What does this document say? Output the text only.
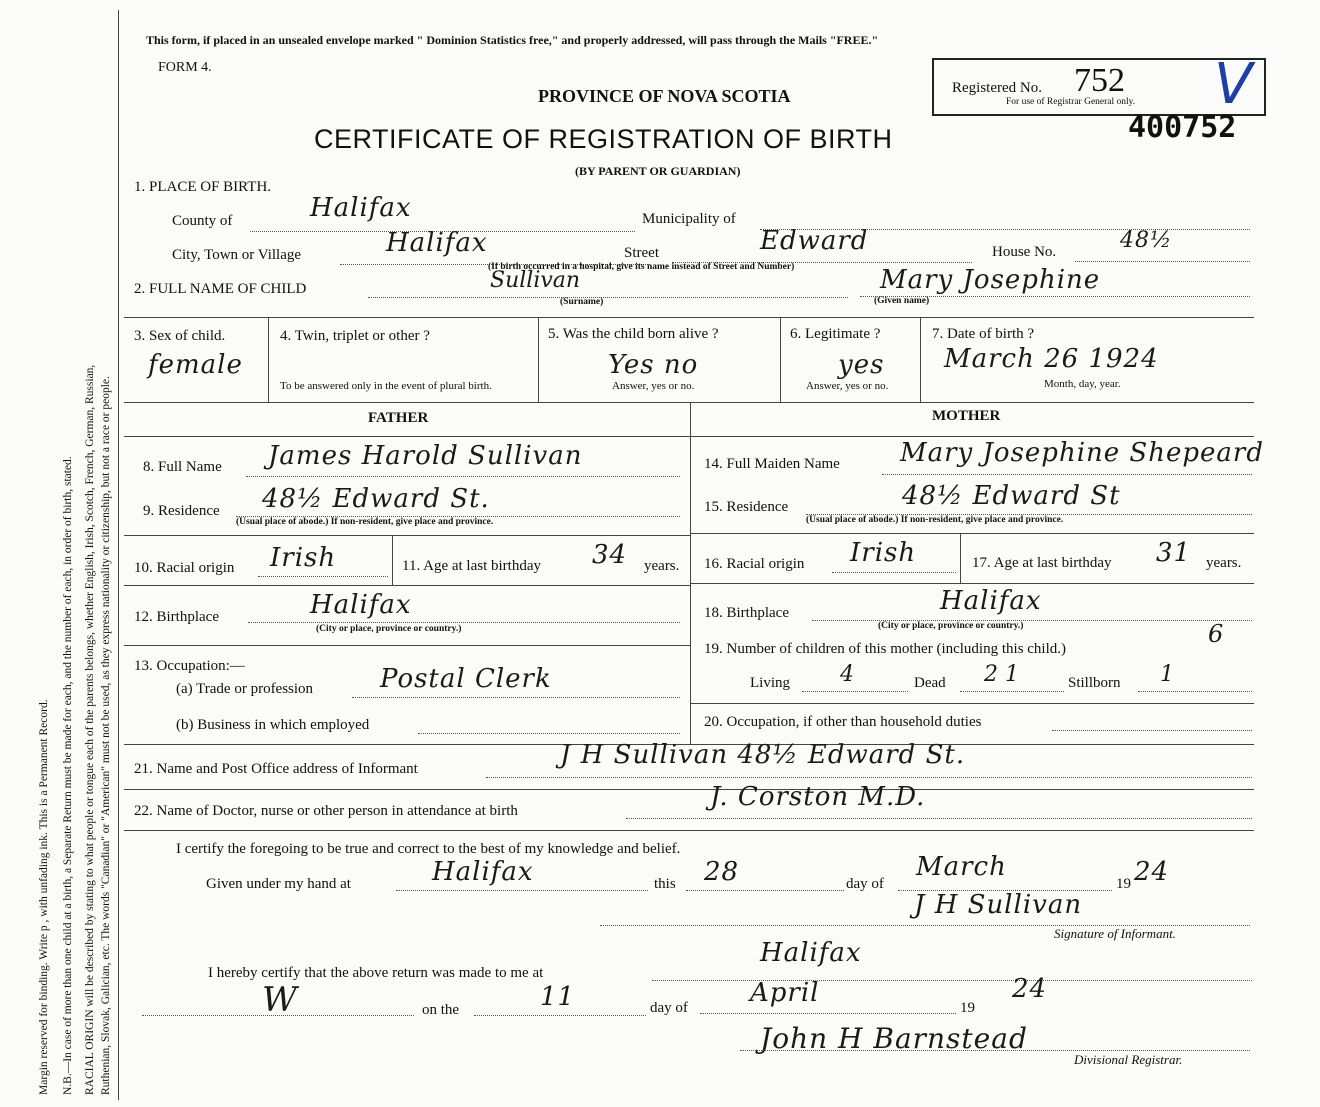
Margin reserved for binding. Write p , with unfading ink. This is a Permanent Record. N.B.—In case of more than one child at a birth, a Separate Return must be made for each, and the number of each, in order of birth, stated. RACIAL ORIGIN will be described by stating to what people or tongue each of the parents belongs, whether English, Irish, Scotch, French, German, Russian, Ruthenian, Slovak, Galician, etc. The words "Canadian" or "American" must not be used, as they express nationality or citizenship, but not a race or people.
This form, if placed in an unsealed envelope marked " Dominion Statistics free," and properly addressed, will pass through the Mails "FREE."
FORM 4.
PROVINCE OF NOVA SCOTIA
CERTIFICATE OF REGISTRATION OF BIRTH
(BY PARENT OR GUARDIAN)
Registered No. 752
For use of Registrar General only. V
400752
1. PLACE OF BIRTH.
County of	Halifax	Municipality of
City, Town or Village	Halifax	Street	Edward	House No.	48½
(If birth occurred in a hospital, give its name instead of Street and Number)
2. FULL NAME OF CHILD	Sullivan
(Surname)
Mary Josephine
(Given name)
3. Sex of child.
female
4. Twin, triplet or other ?
To be answered only in the event of plural birth.
5. Was the child born alive ?
Yes no
Answer, yes or no.
6. Legitimate ?
yes
Answer, yes or no.
7. Date of birth ?
March 26 1924
Month, day, year.
FATHER	MOTHER
8. Full Name James Harold Sullivan
9. Residence 48½ Edward St.
(Usual place of abode.) If non-resident, give place and province.
10. Racial origin Irish	11. Age at last birthday 34 years.
12. Birthplace	Halifax
(City or place, province or country.)
13. Occupation:—
(a) Trade or profession	Postal Clerk
(b) Business in which employed
14. Full Maiden Name Mary Josephine Shepeard
15. Residence	48½ Edward St
(Usual place of abode.) If non-resident, give place and province.
16. Racial origin Irish	17. Age at last birthday 31 years.
18. Birthplace	Halifax
(City or place, province or country.)	6
19. Number of children of this mother (including this child.)
Living 4	Dead 2 1	Stillborn 1
20. Occupation, if other than household duties
21. Name and Post Office address of Informant	J H Sullivan 48½ Edward St.
22. Name of Doctor, nurse or other person in attendance at birth	J. Corston M.D.
I certify the foregoing to be true and correct to the best of my knowledge and belief.
Given under my hand at	Halifax	this 28	day of
March
19 24
J H Sullivan
Signature of Informant.
Halifax
I hereby certify that the above return was made to me at
W	on the	11	day of April	19
24
John H Barnstead
Divisional Registrar.
